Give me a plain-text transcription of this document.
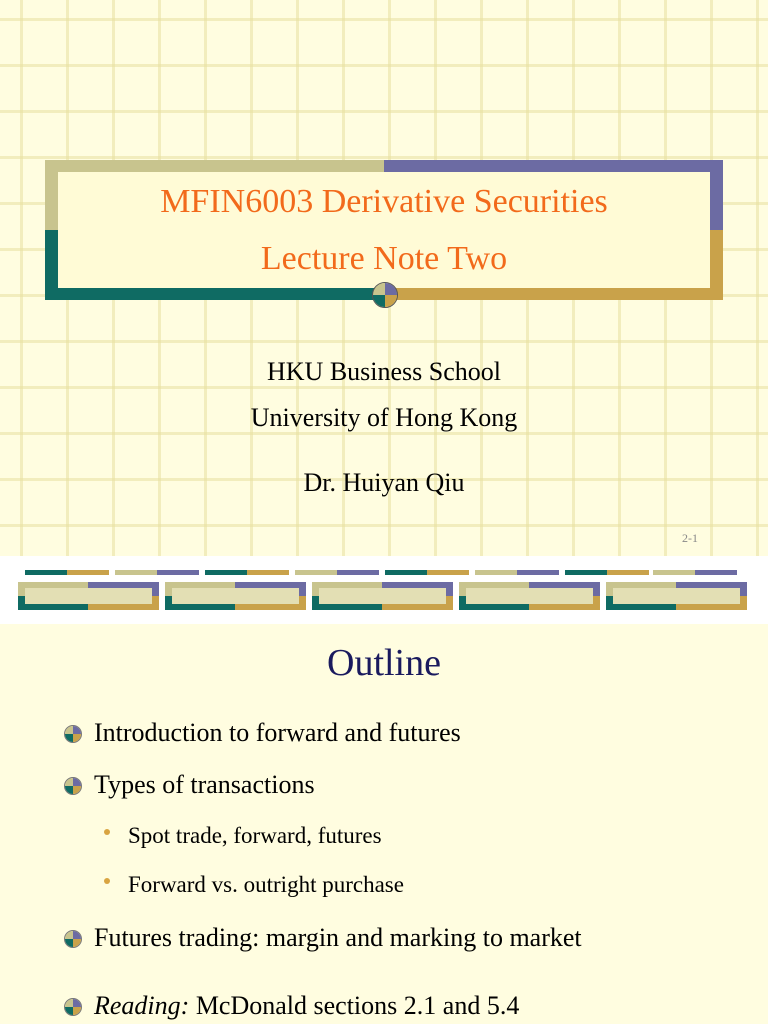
MFIN6003 Derivative Securities
Lecture Note Two
HKU Business School
University of Hong Kong
Dr. Huiyan Qiu
2-1
Outline
Introduction to forward and futures
Types of transactions
Spot trade, forward, futures
Forward vs. outright purchase
Futures trading: margin and marking to market
Reading: McDonald sections 2.1 and 5.4
